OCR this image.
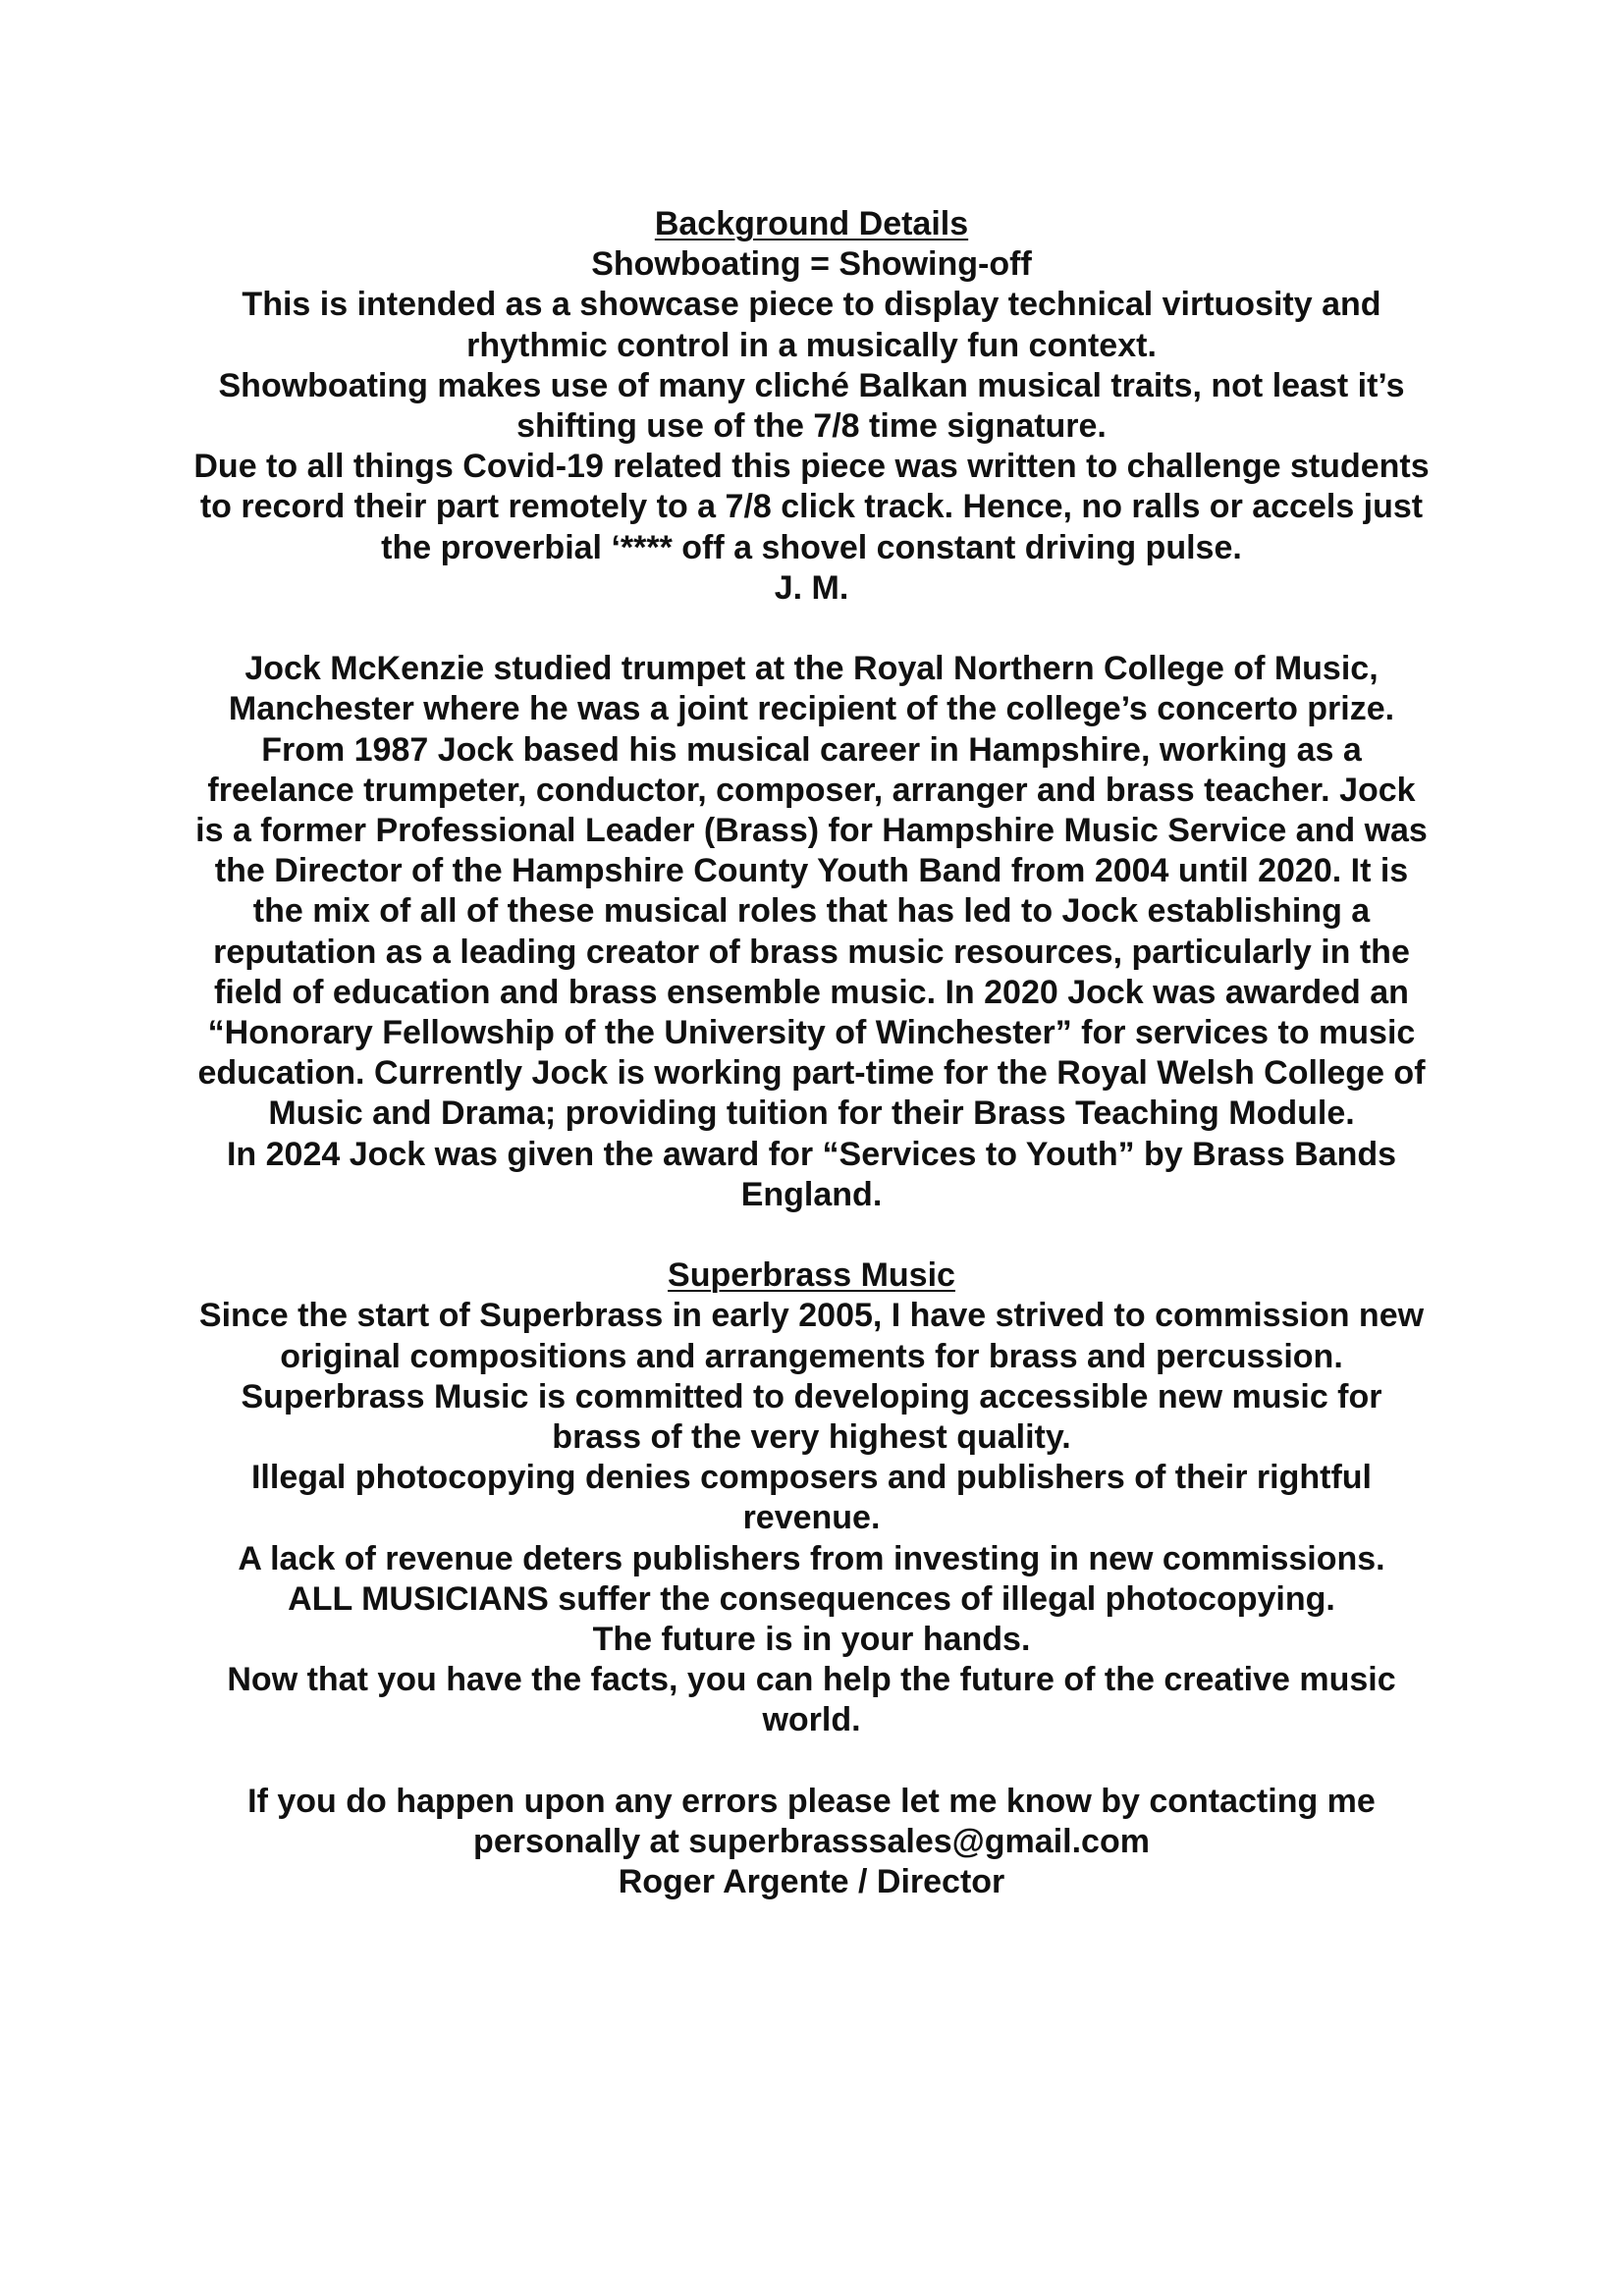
Background Details
Showboating = Showing-off
This is intended as a showcase piece to display technical virtuosity and
rhythmic control in a musically fun context.
Showboating makes use of many cliché Balkan musical traits, not least it’s
shifting use of the 7/8 time signature.
Due to all things Covid-19 related this piece was written to challenge students
to record their part remotely to a 7/8 click track. Hence, no ralls or accels just
the proverbial ‘**** off a shovel constant driving pulse.
J. M.
Jock McKenzie studied trumpet at the Royal Northern College of Music,
Manchester where he was a joint recipient of the college’s concerto prize.
From 1987 Jock based his musical career in Hampshire, working as a
freelance trumpeter, conductor, composer, arranger and brass teacher. Jock
is a former Professional Leader (Brass) for Hampshire Music Service and was
the Director of the Hampshire County Youth Band from 2004 until 2020. It is
the mix of all of these musical roles that has led to Jock establishing a
reputation as a leading creator of brass music resources, particularly in the
field of education and brass ensemble music. In 2020 Jock was awarded an
“Honorary Fellowship of the University of Winchester” for services to music
education. Currently Jock is working part-time for the Royal Welsh College of
Music and Drama; providing tuition for their Brass Teaching Module.
In 2024 Jock was given the award for “Services to Youth” by Brass Bands
England.
Superbrass Music
Since the start of Superbrass in early 2005, I have strived to commission new
original compositions and arrangements for brass and percussion.
Superbrass Music is committed to developing accessible new music for
brass of the very highest quality.
Illegal photocopying denies composers and publishers of their rightful
revenue.
A lack of revenue deters publishers from investing in new commissions.
ALL MUSICIANS suffer the consequences of illegal photocopying.
The future is in your hands.
Now that you have the facts, you can help the future of the creative music
world.
If you do happen upon any errors please let me know by contacting me
personally at superbrasssales@gmail.com
Roger Argente / Director
